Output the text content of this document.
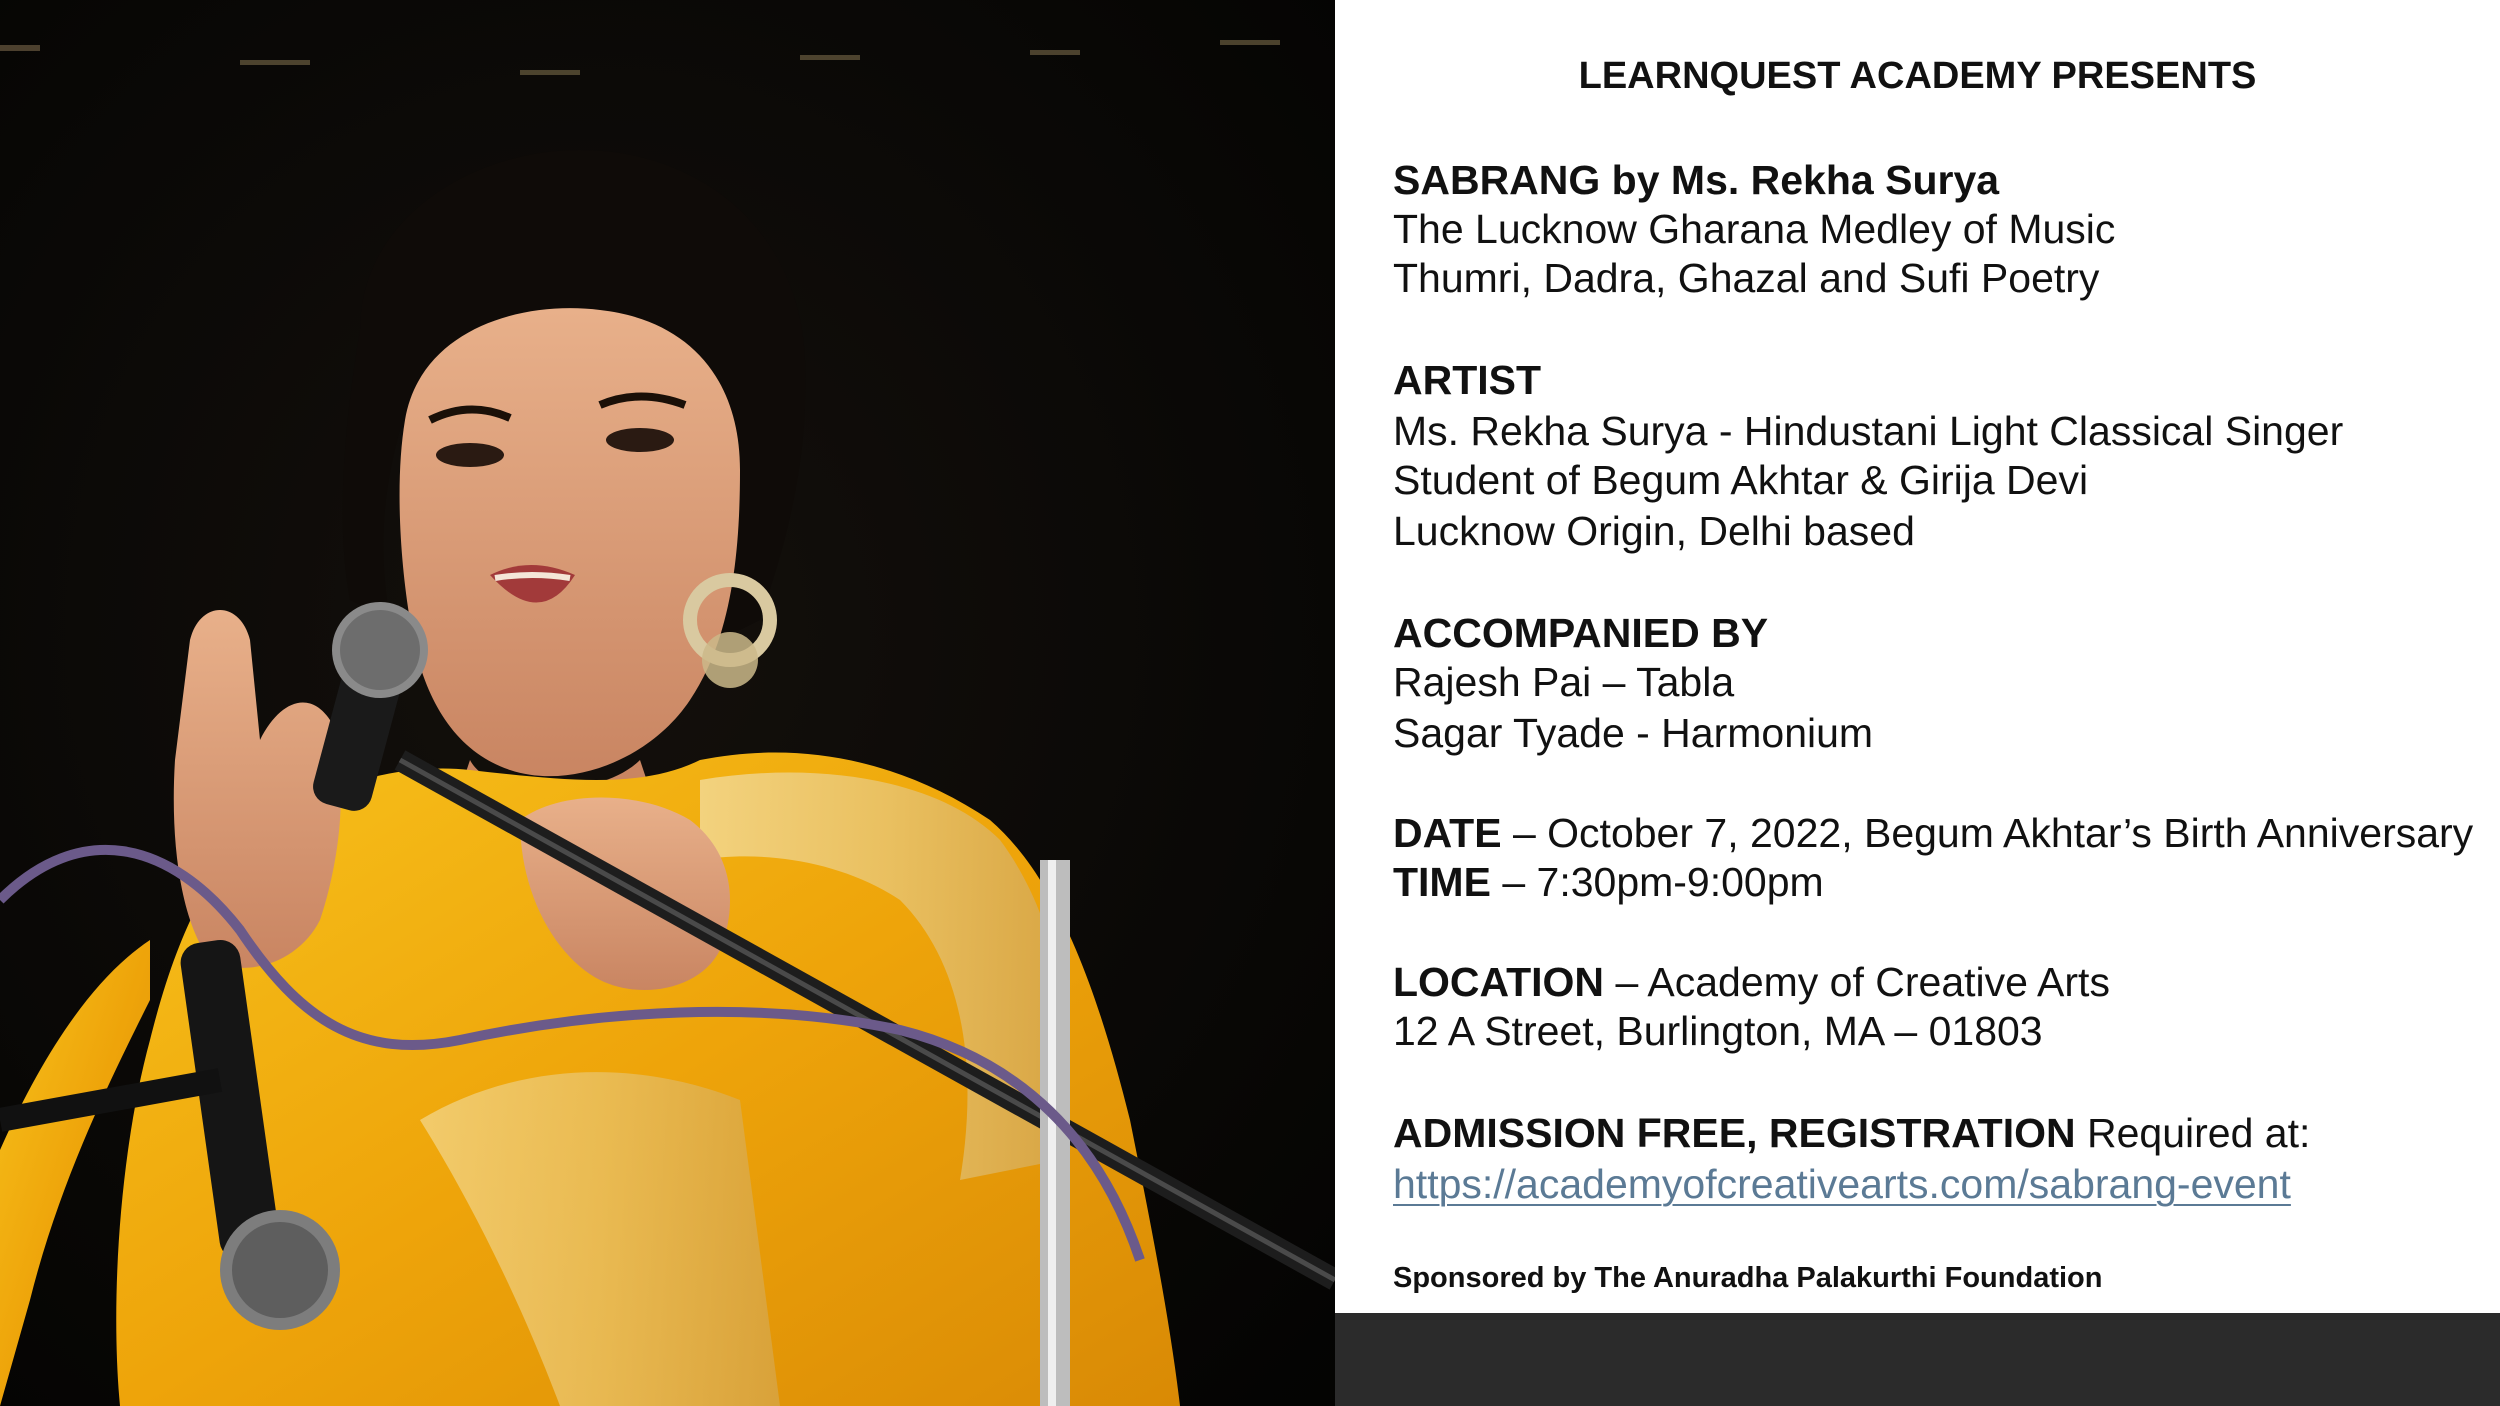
LEARNQUEST ACADEMY PRESENTS
SABRANG by Ms. Rekha Surya
The Lucknow Gharana Medley of Music
Thumri, Dadra, Ghazal and Sufi Poetry
ARTIST
Ms. Rekha Surya - Hindustani Light Classical Singer
Student of Begum Akhtar & Girija Devi
Lucknow Origin, Delhi based
ACCOMPANIED BY
Rajesh Pai – Tabla
Sagar Tyade - Harmonium
DATE – October 7, 2022, Begum Akhtar’s Birth Anniversary
TIME – 7:30pm-9:00pm
LOCATION – Academy of Creative Arts
12 A Street, Burlington, MA – 01803
ADMISSION FREE, REGISTRATION Required at:
https://academyofcreativearts.com/sabrang-event
Sponsored by The Anuradha Palakurthi Foundation
